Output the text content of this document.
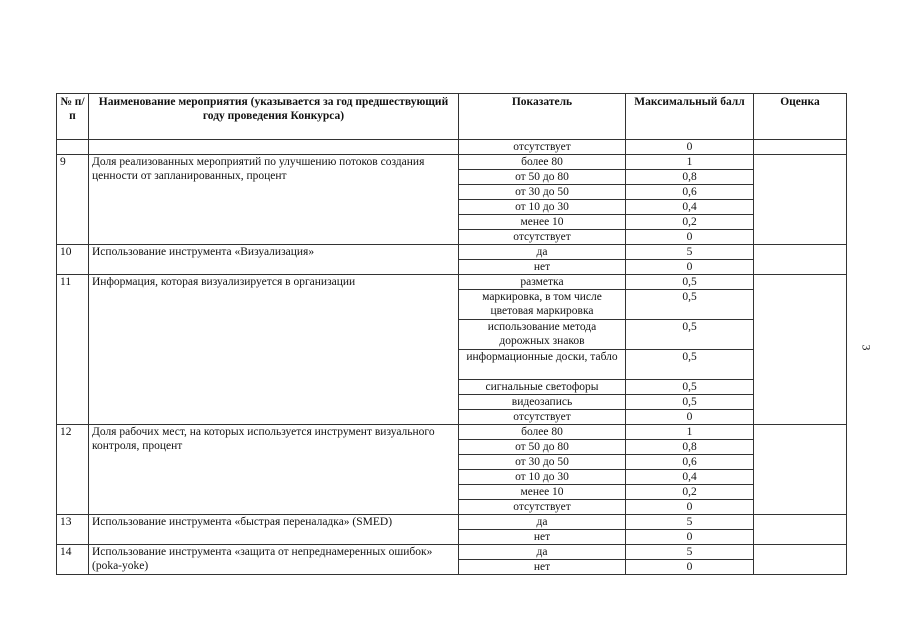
№ п/п	Наименование мероприятия (указывается за год предшествующий году проведения Конкурса)	Показатель	Максимальный балл	Оценка
		отсутствует	0	
9	Доля реализованных мероприятий по улучшению потоков создания ценности от запланированных, процент	более 80	1	
		от 50 до 80	0,8	
		от 30 до 50	0,6	
		от 10 до 30	0,4	
		менее 10	0,2	
		отсутствует	0	
10	Использование инструмента «Визуализация»	да	5	
		нет	0	
11	Информация, которая визуализируется в организации	разметка	0,5	
		маркировка, в том числе цветовая маркировка	0,5	
		использование метода дорожных знаков	0,5	
		информационные доски, табло	0,5	
		сигнальные светофоры	0,5	
		видеозапись	0,5	
		отсутствует	0	
12	Доля рабочих мест, на которых используется инструмент визуального контроля, процент	более 80	1	
		от 50 до 80	0,8	
		от 30 до 50	0,6	
		от 10 до 30	0,4	
		менее 10	0,2	
		отсутствует	0	
13	Использование инструмента «быстрая переналадка» (SMED)	да	5	
		нет	0	
14	Использование инструмента «защита от непреднамеренных ошибок» (poka-yoke)	да	5	
		нет	0	
3
